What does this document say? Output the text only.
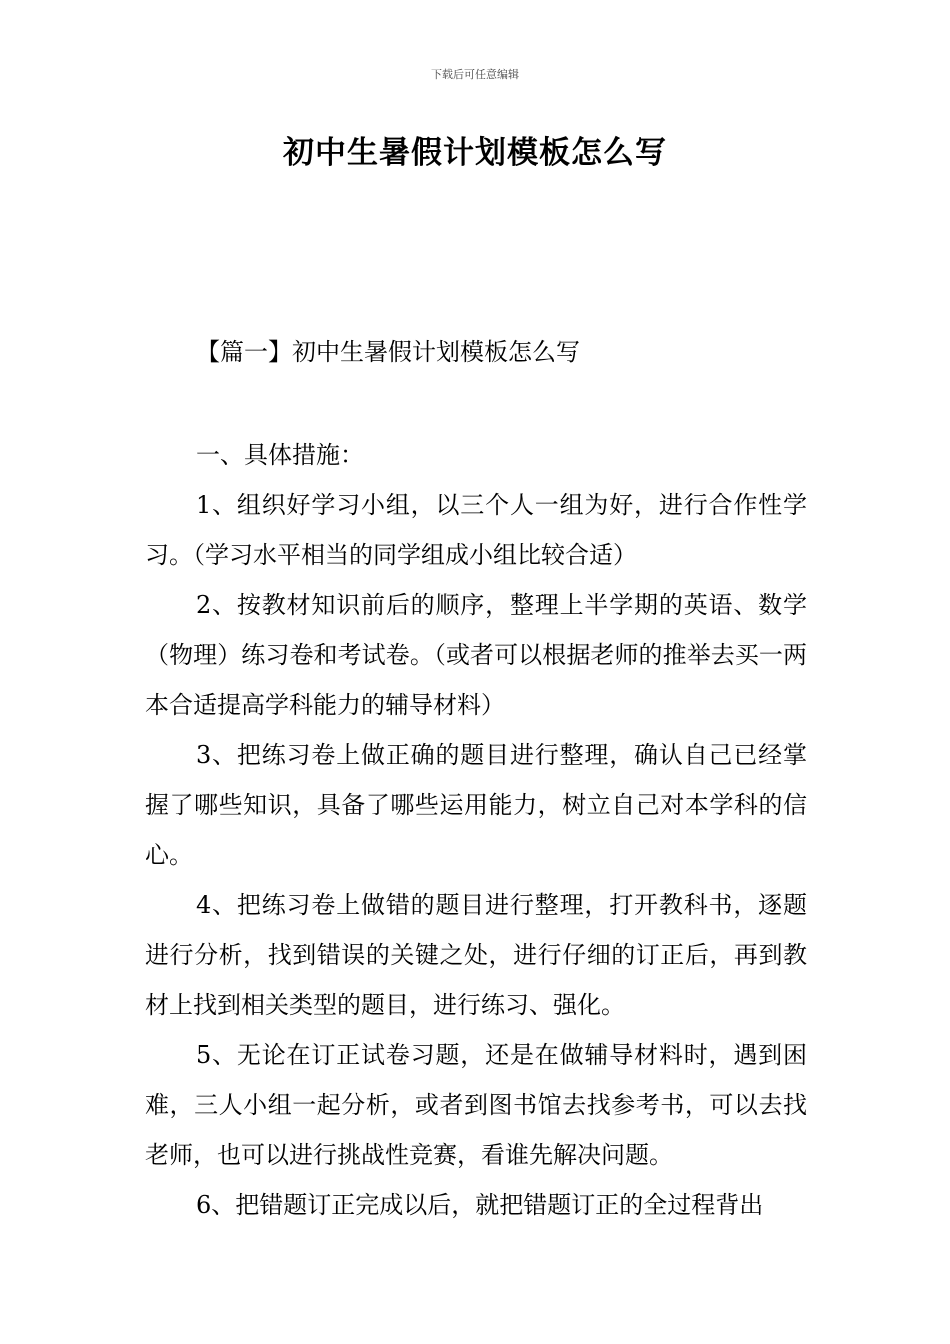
下载后可任意编辑
初中生暑假计划模板怎么写
【篇一】初中生暑假计划模板怎么写

一、具体措施：

1、组织好学习小组，以三个人一组为好，进行合作性学习。（学习水平相当的同学组成小组比较合适）

2、按教材知识前后的顺序，整理上半学期的英语、数学（物理）练习卷和考试卷。（或者可以根据老师的推举去买一两本合适提高学科能力的辅导材料）

3、把练习卷上做正确的题目进行整理，确认自己已经掌握了哪些知识，具备了哪些运用能力，树立自己对本学科的信心。

4、把练习卷上做错的题目进行整理，打开教科书，逐题进行分析，找到错误的关键之处，进行仔细的订正后，再到教材上找到相关类型的题目，进行练习、强化。

5、无论在订正试卷习题，还是在做辅导材料时，遇到困难，三人小组一起分析，或者到图书馆去找参考书，可以去找老师，也可以进行挑战性竞赛，看谁先解决问题。

6、把错题订正完成以后，就把错题订正的全过程背出
